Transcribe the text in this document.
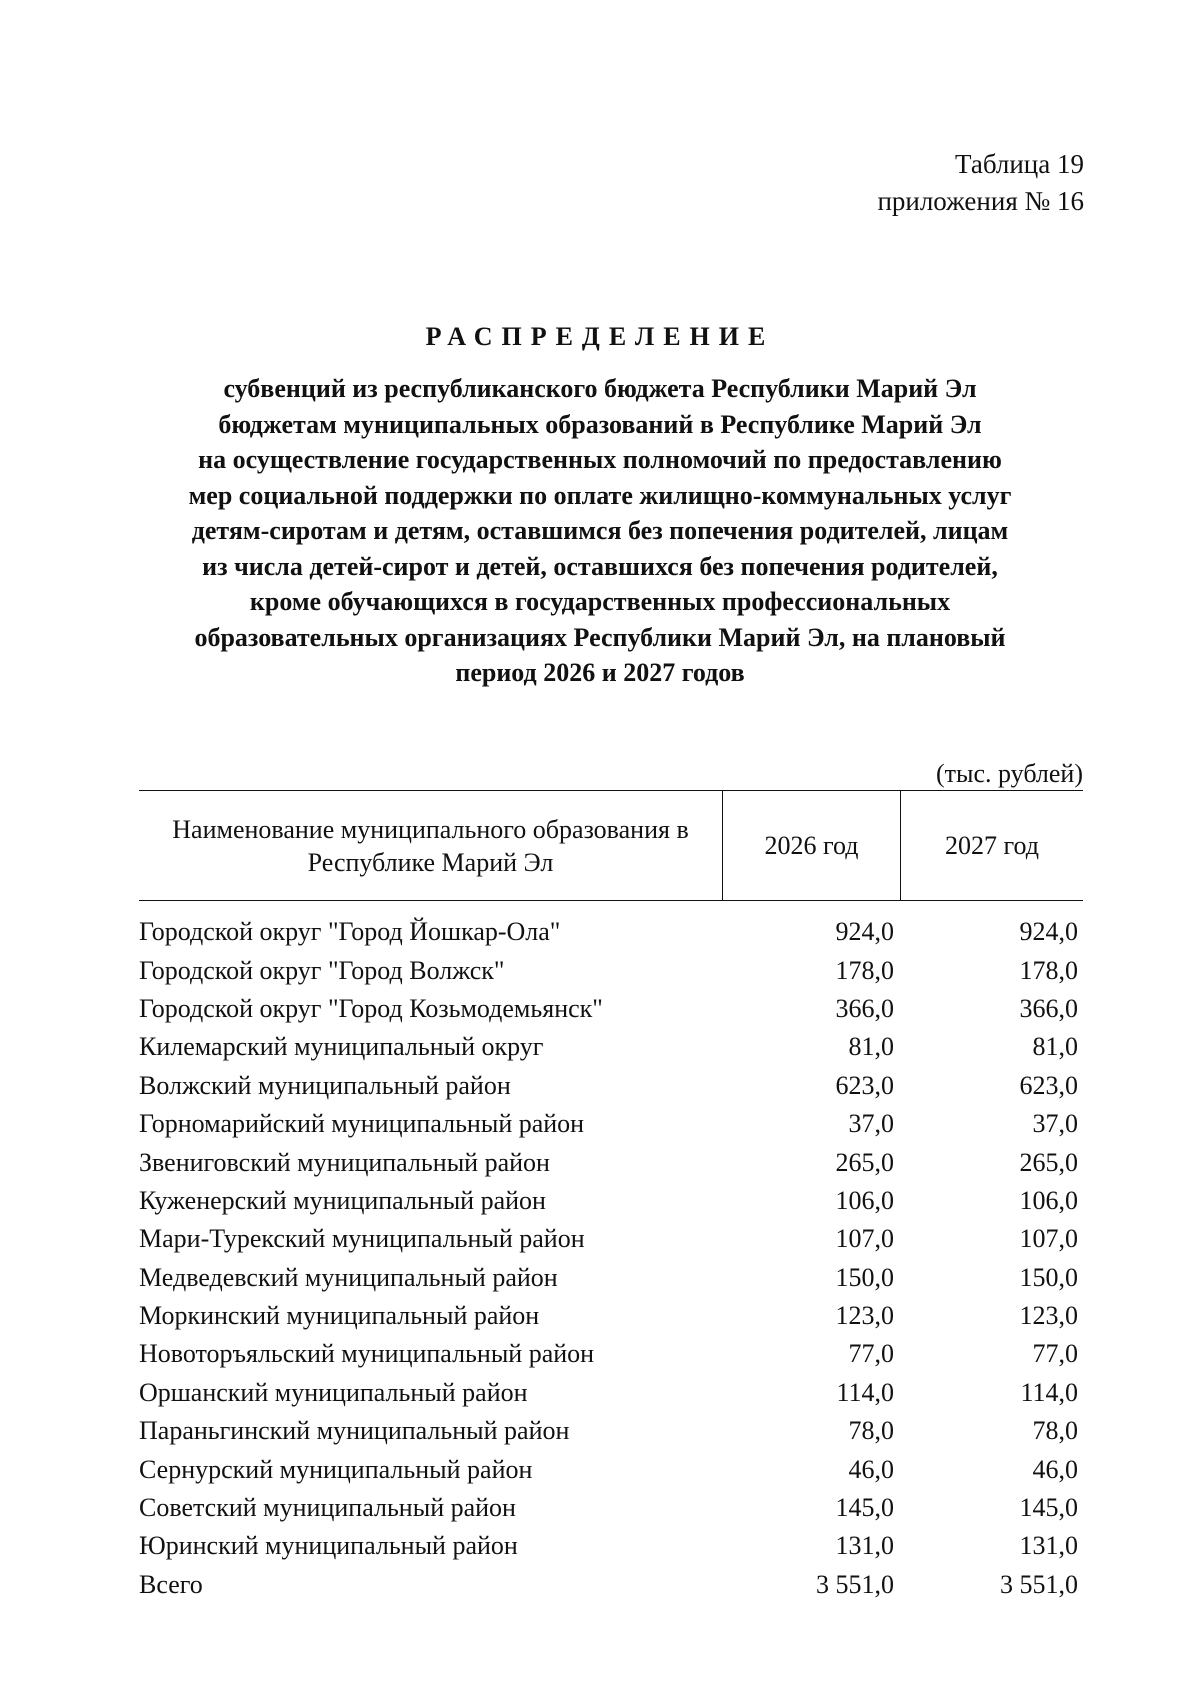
Таблица 19
приложения № 16
РАСПРЕДЕЛЕНИЕ
субвенций из республиканского бюджета Республики Марий Эл
бюджетам муниципальных образований в Республике Марий Эл
на осуществление государственных полномочий по предоставлению
мер социальной поддержки по оплате жилищно-коммунальных услуг
детям-сиротам и детям, оставшимся без попечения родителей, лицам
из числа детей-сирот и детей, оставшихся без попечения родителей,
кроме обучающихся в государственных профессиональных
образовательных организациях Республики Марий Эл, на плановый
период 2026 и 2027 годов
(тыс. рублей)
Наименование муниципального образования в Республике Марий Эл
2026 год	2027 год
Городской округ "Город Йошкар-Ола"	924,0	924,0
Городской округ "Город Волжск"	178,0	178,0
Городской округ "Город Козьмодемьянск"	366,0	366,0
Килемарский муниципальный округ	81,0	81,0
Волжский муниципальный район	623,0	623,0
Горномарийский муниципальный район	37,0	37,0
Звениговский муниципальный район	265,0	265,0
Куженерский муниципальный район	106,0	106,0
Мари-Турекский муниципальный район	107,0	107,0
Медведевский муниципальный район	150,0	150,0
Моркинский муниципальный район	123,0	123,0
Новоторъяльский муниципальный район	77,0	77,0
Оршанский муниципальный район	114,0	114,0
Параньгинский муниципальный район	78,0	78,0
Сернурский муниципальный район	46,0	46,0
Советский муниципальный район	145,0	145,0
Юринский муниципальный район	131,0	131,0
Всего	3 551,0	3 551,0
